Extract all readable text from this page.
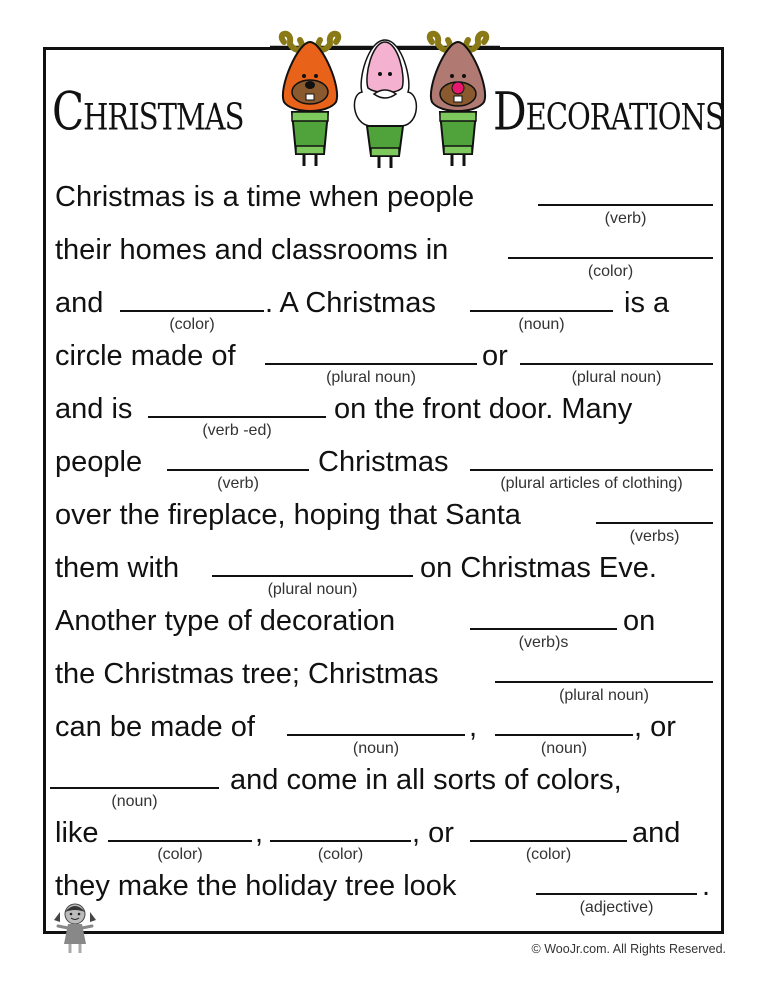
Christmas	Decorations
Christmas is a time when people
(verb)
their homes and classrooms in
(color)
and	. A Christmas	is a
(color)	(noun)
circle made of	or
(plural noun)	(plural noun)
and is	on the front door. Many
(verb -ed)
people	Christmas
(verb)	(plural articles of clothing)
over the fireplace, hoping that Santa
(verbs)
them with	on Christmas Eve.
(plural noun)
Another type of decoration	on
(verb)s
the Christmas tree; Christmas
(plural noun)
can be made of	,	, or
(noun)	(noun)
and come in all sorts of colors,
(noun)
like	,	, or	and
(color)	(color)	(color)
they make the holiday tree look	.
(adjective)
© WooJr.com. All Rights Reserved.
